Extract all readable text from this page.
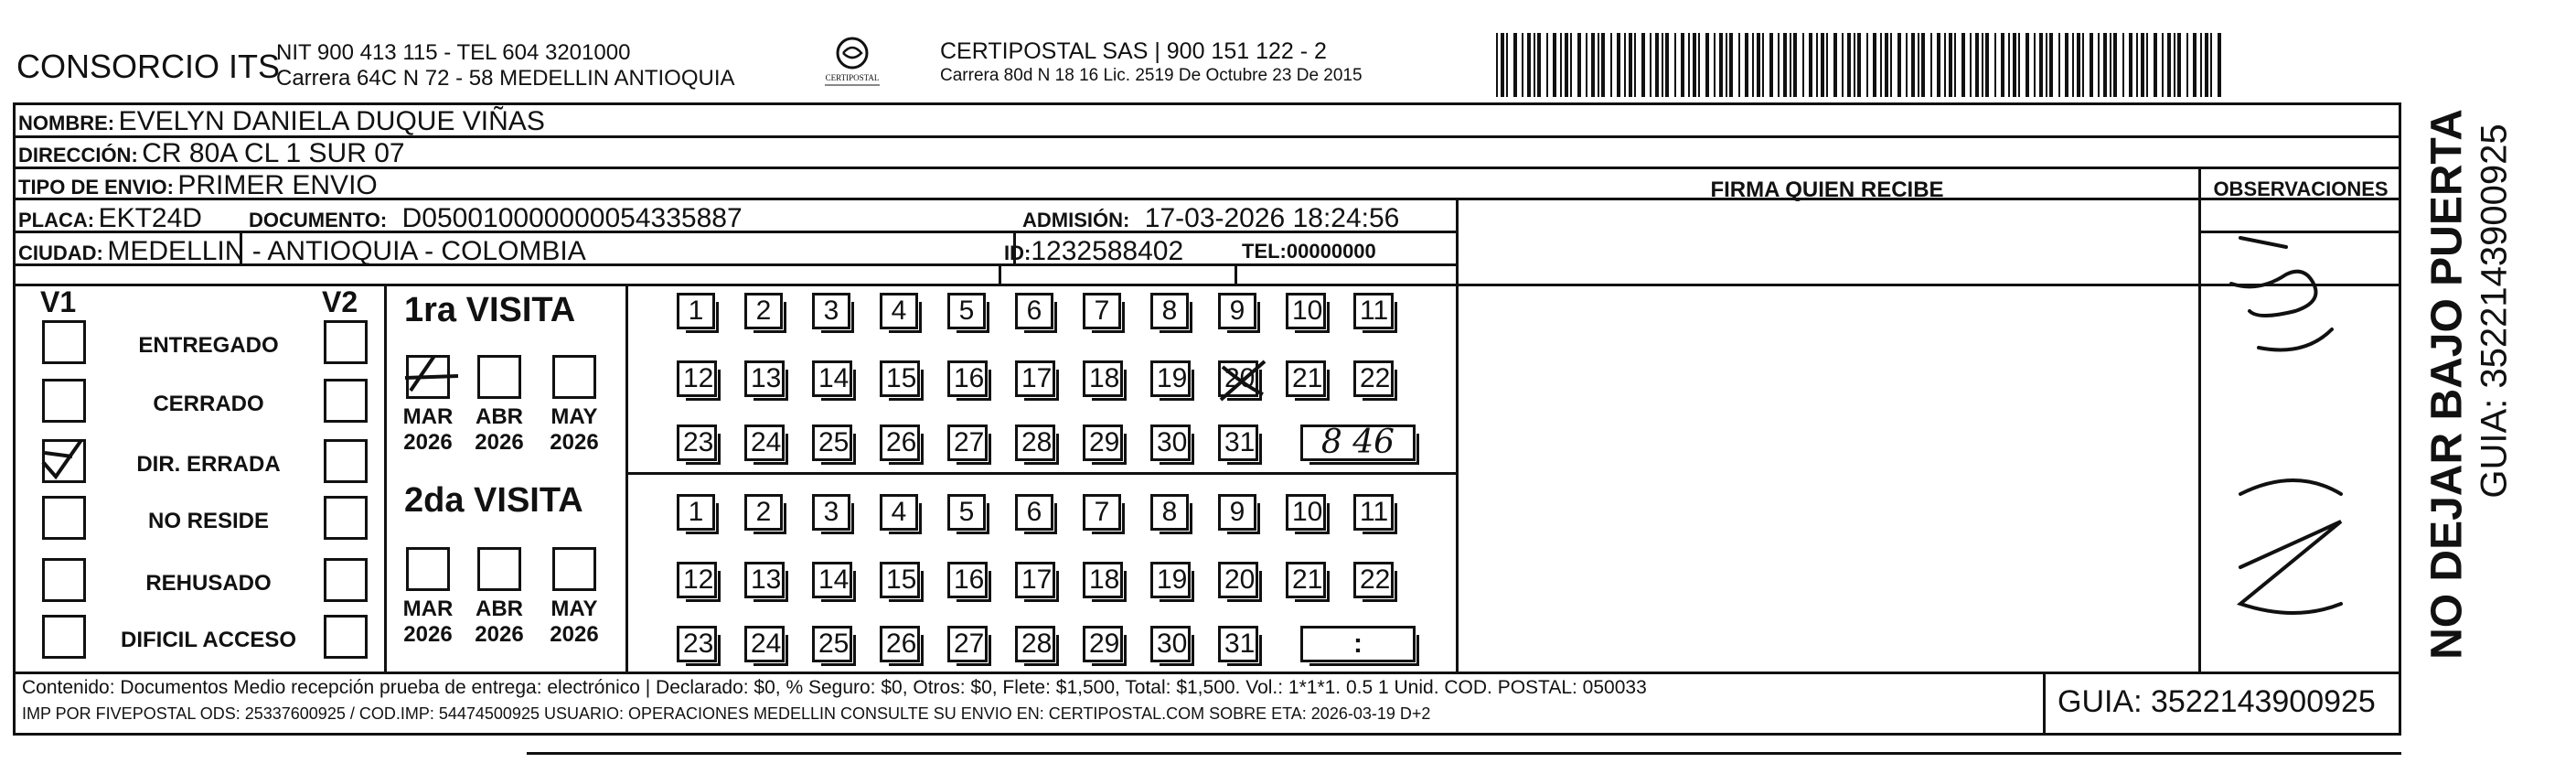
CONSORCIO ITS
NIT 900 413 115 - TEL 604 3201000
Carrera 64C N 72 - 58 MEDELLIN ANTIOQUIA	CERTIPOSTAL
CERTIPOSTAL SAS | 900 151 122 - 2
Carrera 80d N 18 16 Lic. 2519 De Octubre 23 De 2015
NOMBRE: EVELYN DANIELA DUQUE VIÑAS
DIRECCIÓN: CR 80A CL 1 SUR 07
TIPO DE ENVIO: PRIMER ENVIO
PLACA: EKT24D DOCUMENTO: D050010000000054335887	ADMISIÓN: 17-03-2026 18:24:56
CIUDAD: MEDELLIN - ANTIOQUIA - COLOMBIA	ID:1232588402	TEL:00000000
FIRMA QUIEN RECIBE	OBSERVACIONES
V1	V2 1ra VISITA
2da VISITA
Contenido: Documentos Medio recepción prueba de entrega: electrónico | Declarado: $0, % Seguro: $0, Otros: $0, Flete: $1,500, Total: $1,500. Vol.: 1*1*1. 0.5 1 Unid. COD. POSTAL: 050033
IMP POR FIVEPOSTAL ODS: 25337600925 / COD.IMP: 54474500925 USUARIO: OPERACIONES MEDELLIN CONSULTE SU ENVIO EN: CERTIPOSTAL.COM SOBRE ETA: 2026-03-19 D+2	GUIA: 3522143900925
NO DEJAR BAJO PUERTA GUIA: 3522143900925
ENTREGADO
CERRADO
DIR. ERRADA
NO RESIDE
REHUSADO
DIFICIL ACCESO
MAR
2026
ABR
2026
MAY
2026
MAR
2026
ABR
2026
MAY
2026
1	2	3	4	5	6	7	8	9	10 11
12 13 14 15 16 17 18 19 20 21 22
23 24 25 26 27 28 29 30 31	8 46
1	2	3	4	5	6	7	8	9	10 11
12 13 14 15 16 17 18 19 20 21 22
23 24 25 26 27 28 29 30 31	:
